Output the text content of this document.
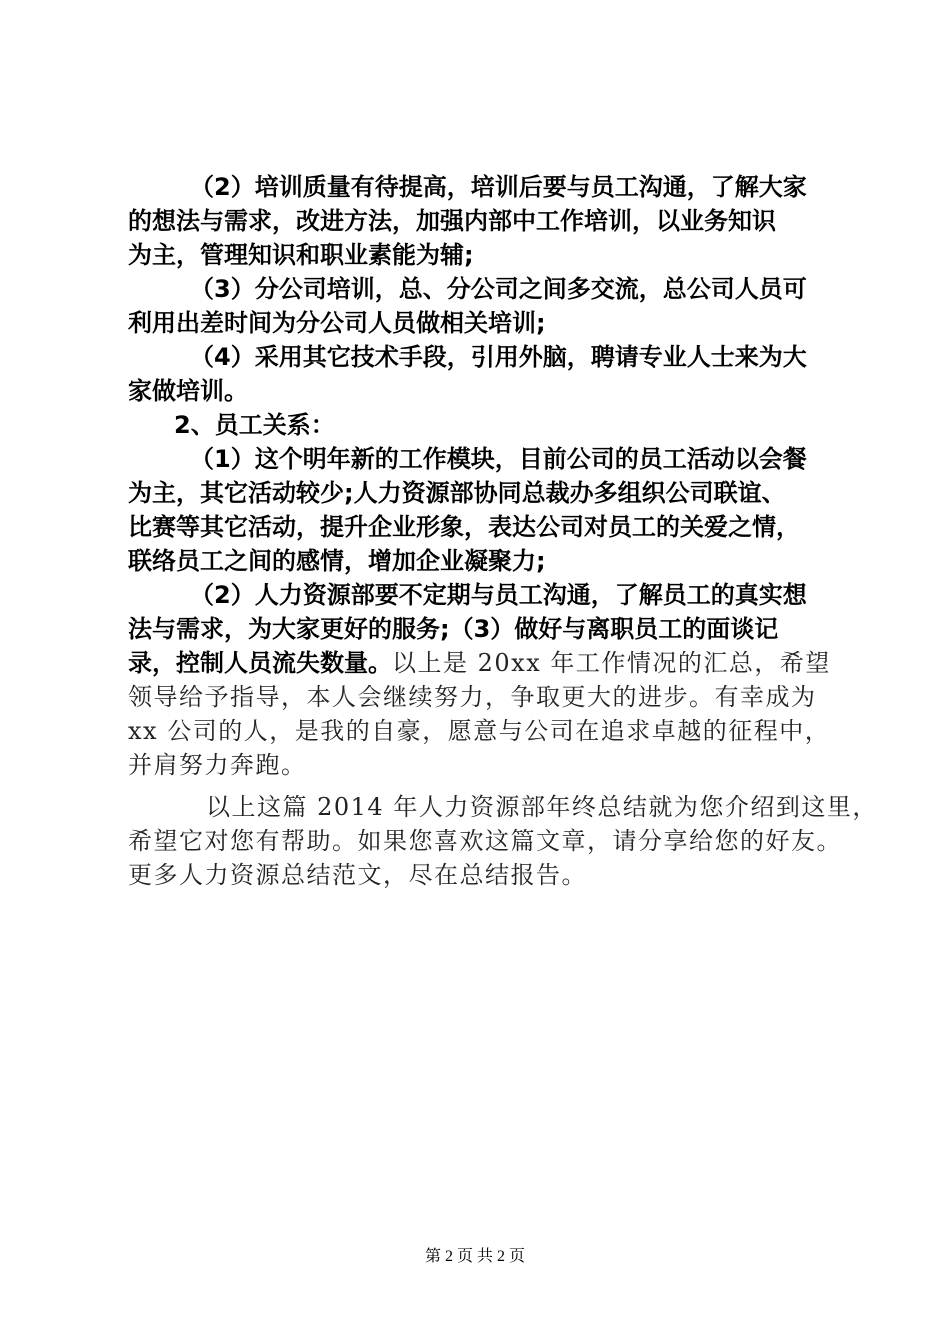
（2）培训质量有待提高，培训后要与员工沟通，了解大家
的想法与需求，改进方法，加强内部中工作培训，以业务知识
为主，管理知识和职业素能为辅;
（3）分公司培训，总、分公司之间多交流，总公司人员可
利用出差时间为分公司人员做相关培训;
（4）采用其它技术手段，引用外脑，聘请专业人士来为大
家做培训。
2、员工关系：
（1）这个明年新的工作模块，目前公司的员工活动以会餐
为主，其它活动较少;人力资源部协同总裁办多组织公司联谊、
比赛等其它活动，提升企业形象，表达公司对员工的关爱之情，
联络员工之间的感情，增加企业凝聚力;
（2）人力资源部要不定期与员工沟通，了解员工的真实想
法与需求，为大家更好的服务;（3）做好与离职员工的面谈记
录，控制人员流失数量。以上是 20xx 年工作情况的汇总，希望
领导给予指导，本人会继续努力，争取更大的进步。有幸成为
xx 公司的人，是我的自豪，愿意与公司在追求卓越的征程中，
并肩努力奔跑。
以上这篇 2014 年人力资源部年终总结就为您介绍到这里，
希望它对您有帮助。如果您喜欢这篇文章，请分享给您的好友。
更多人力资源总结范文，尽在总结报告。
第 2 页 共 2 页
